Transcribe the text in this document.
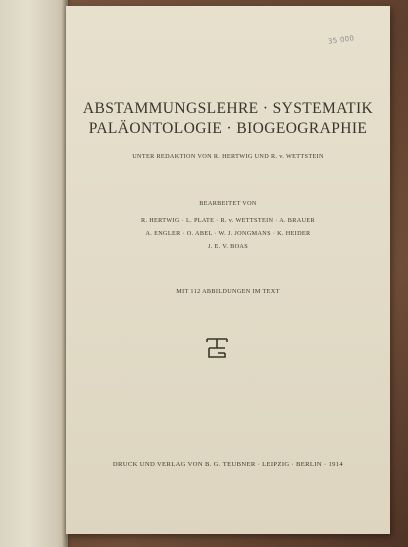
35 000
ABSTAMMUNGSLEHRE · SYSTEMATIK
PALÄONTOLOGIE · BIOGEOGRAPHIE
UNTER REDAKTION VON R. HERTWIG UND R. v. WETTSTEIN
BEARBEITET VON
R. HERTWIG · L. PLATE · R. v. WETTSTEIN · A. BRAUER
A. ENGLER · O. ABEL · W. J. JONGMANS · K. HEIDER
J. E. V. BOAS
MIT 112 ABBILDUNGEN IM TEXT
DRUCK UND VERLAG VON B. G. TEUBNER · LEIPZIG · BERLIN · 1914
